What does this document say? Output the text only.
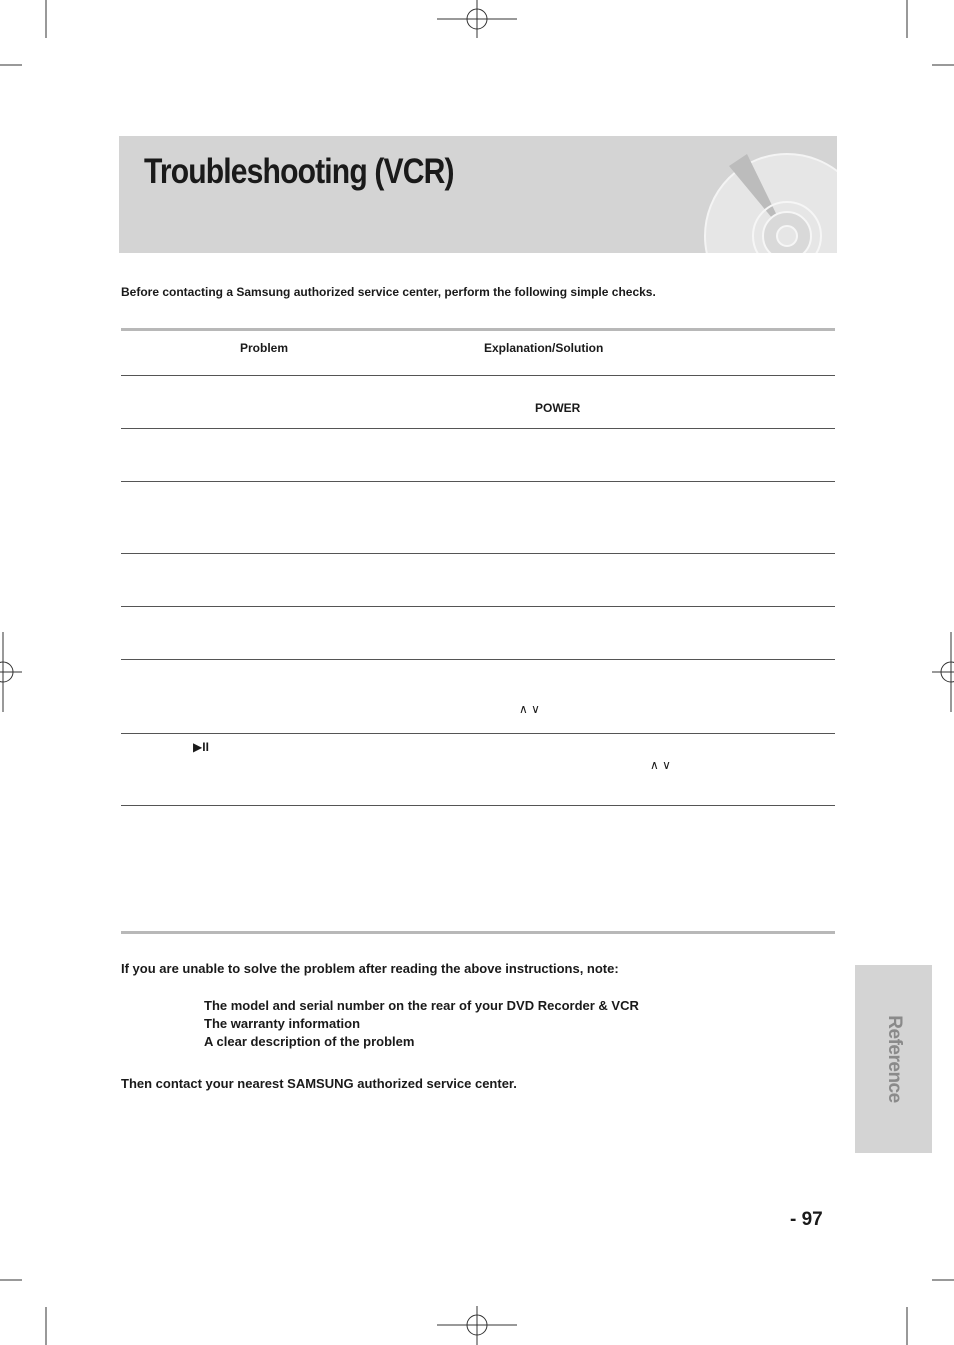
Troubleshooting (VCR)
Before contacting a Samsung authorized service center, perform the following simple checks.
Problem	Explanation/Solution
POWER
∧ ∨
▶II
∧ ∨
If you are unable to solve the problem after reading the above instructions, note:
The model and serial number on the rear of your DVD Recorder & VCR
The warranty information
A clear description of the problem
Then contact your nearest SAMSUNG authorized service center.	Reference
- 97
